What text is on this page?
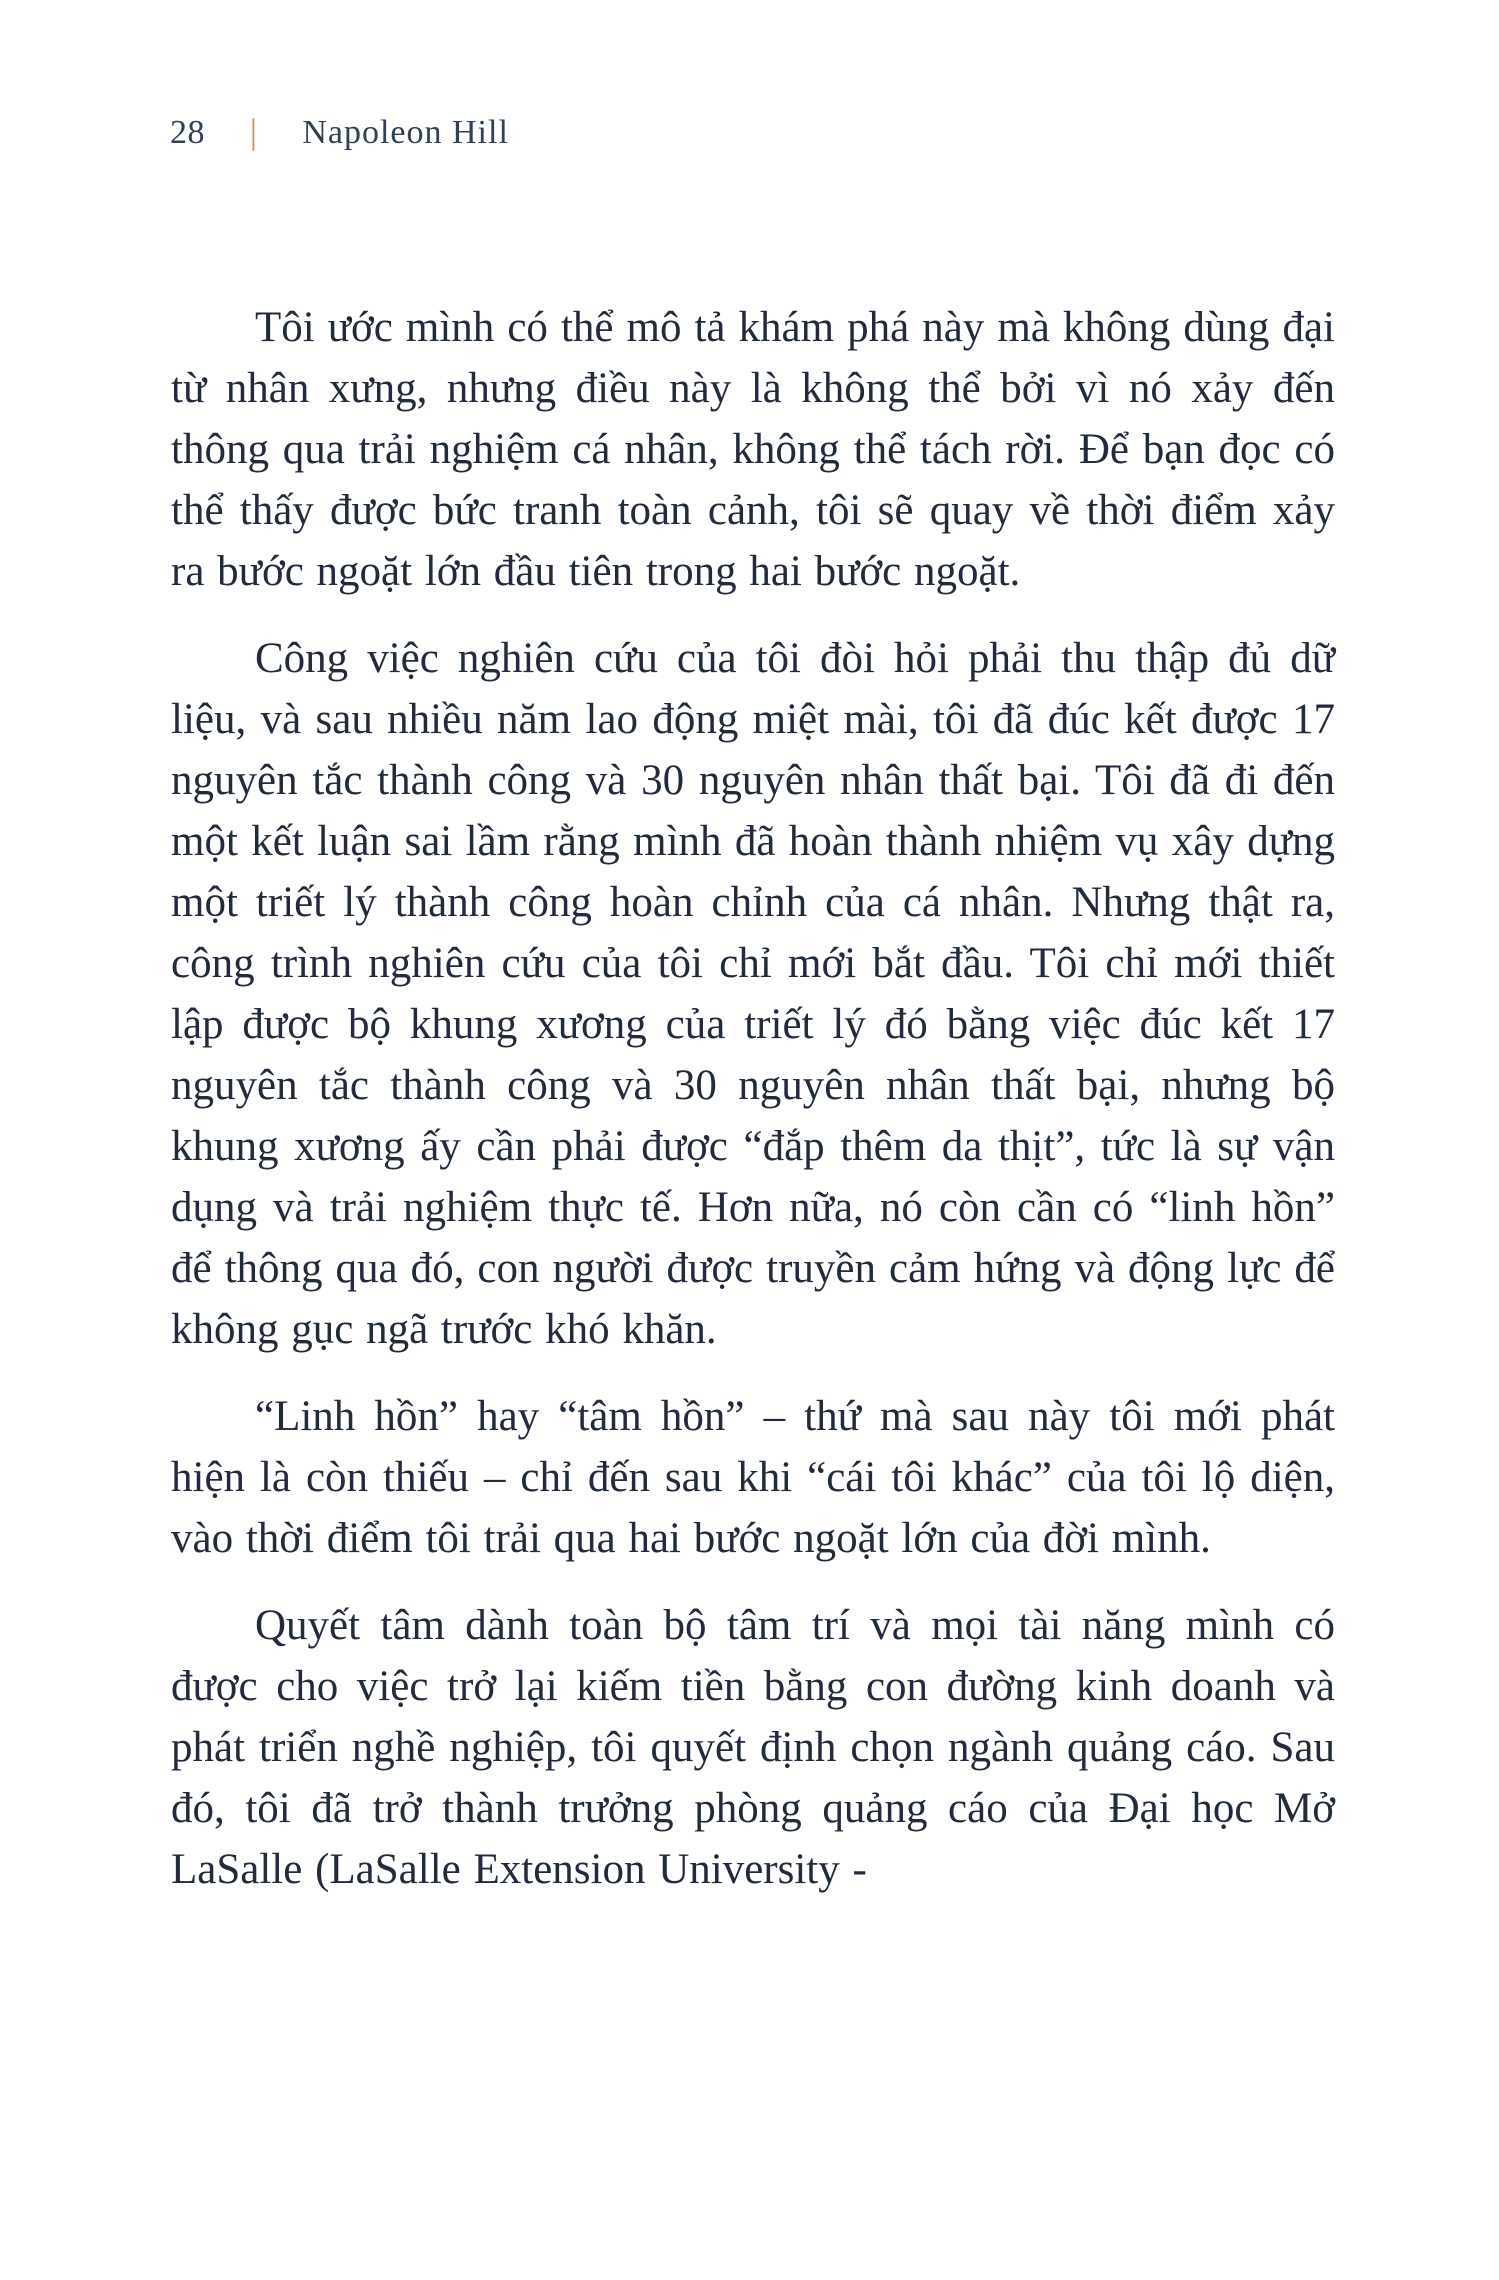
28 | Napoleon Hill

Tôi ước mình có thể mô tả khám phá này mà không dùng đại từ nhân xưng, nhưng điều này là không thể bởi vì nó xảy đến thông qua trải nghiệm cá nhân, không thể tách rời. Để bạn đọc có thể thấy được bức tranh toàn cảnh, tôi sẽ quay về thời điểm xảy ra bước ngoặt lớn đầu tiên trong hai bước ngoặt.

Công việc nghiên cứu của tôi đòi hỏi phải thu thập đủ dữ liệu, và sau nhiều năm lao động miệt mài, tôi đã đúc kết được 17 nguyên tắc thành công và 30 nguyên nhân thất bại. Tôi đã đi đến một kết luận sai lầm rằng mình đã hoàn thành nhiệm vụ xây dựng một triết lý thành công hoàn chỉnh của cá nhân. Nhưng thật ra, công trình nghiên cứu của tôi chỉ mới bắt đầu. Tôi chỉ mới thiết lập được bộ khung xương của triết lý đó bằng việc đúc kết 17 nguyên tắc thành công và 30 nguyên nhân thất bại, nhưng bộ khung xương ấy cần phải được “đắp thêm da thịt”, tức là sự vận dụng và trải nghiệm thực tế. Hơn nữa, nó còn cần có “linh hồn” để thông qua đó, con người được truyền cảm hứng và động lực để không gục ngã trước khó khăn.

“Linh hồn” hay “tâm hồn” – thứ mà sau này tôi mới phát hiện là còn thiếu – chỉ đến sau khi “cái tôi khác” của tôi lộ diện, vào thời điểm tôi trải qua hai bước ngoặt lớn của đời mình.

Quyết tâm dành toàn bộ tâm trí và mọi tài năng mình có được cho việc trở lại kiếm tiền bằng con đường kinh doanh và phát triển nghề nghiệp, tôi quyết định chọn ngành quảng cáo. Sau đó, tôi đã trở thành trưởng phòng quảng cáo của Đại học Mở LaSalle (LaSalle Extension University -
